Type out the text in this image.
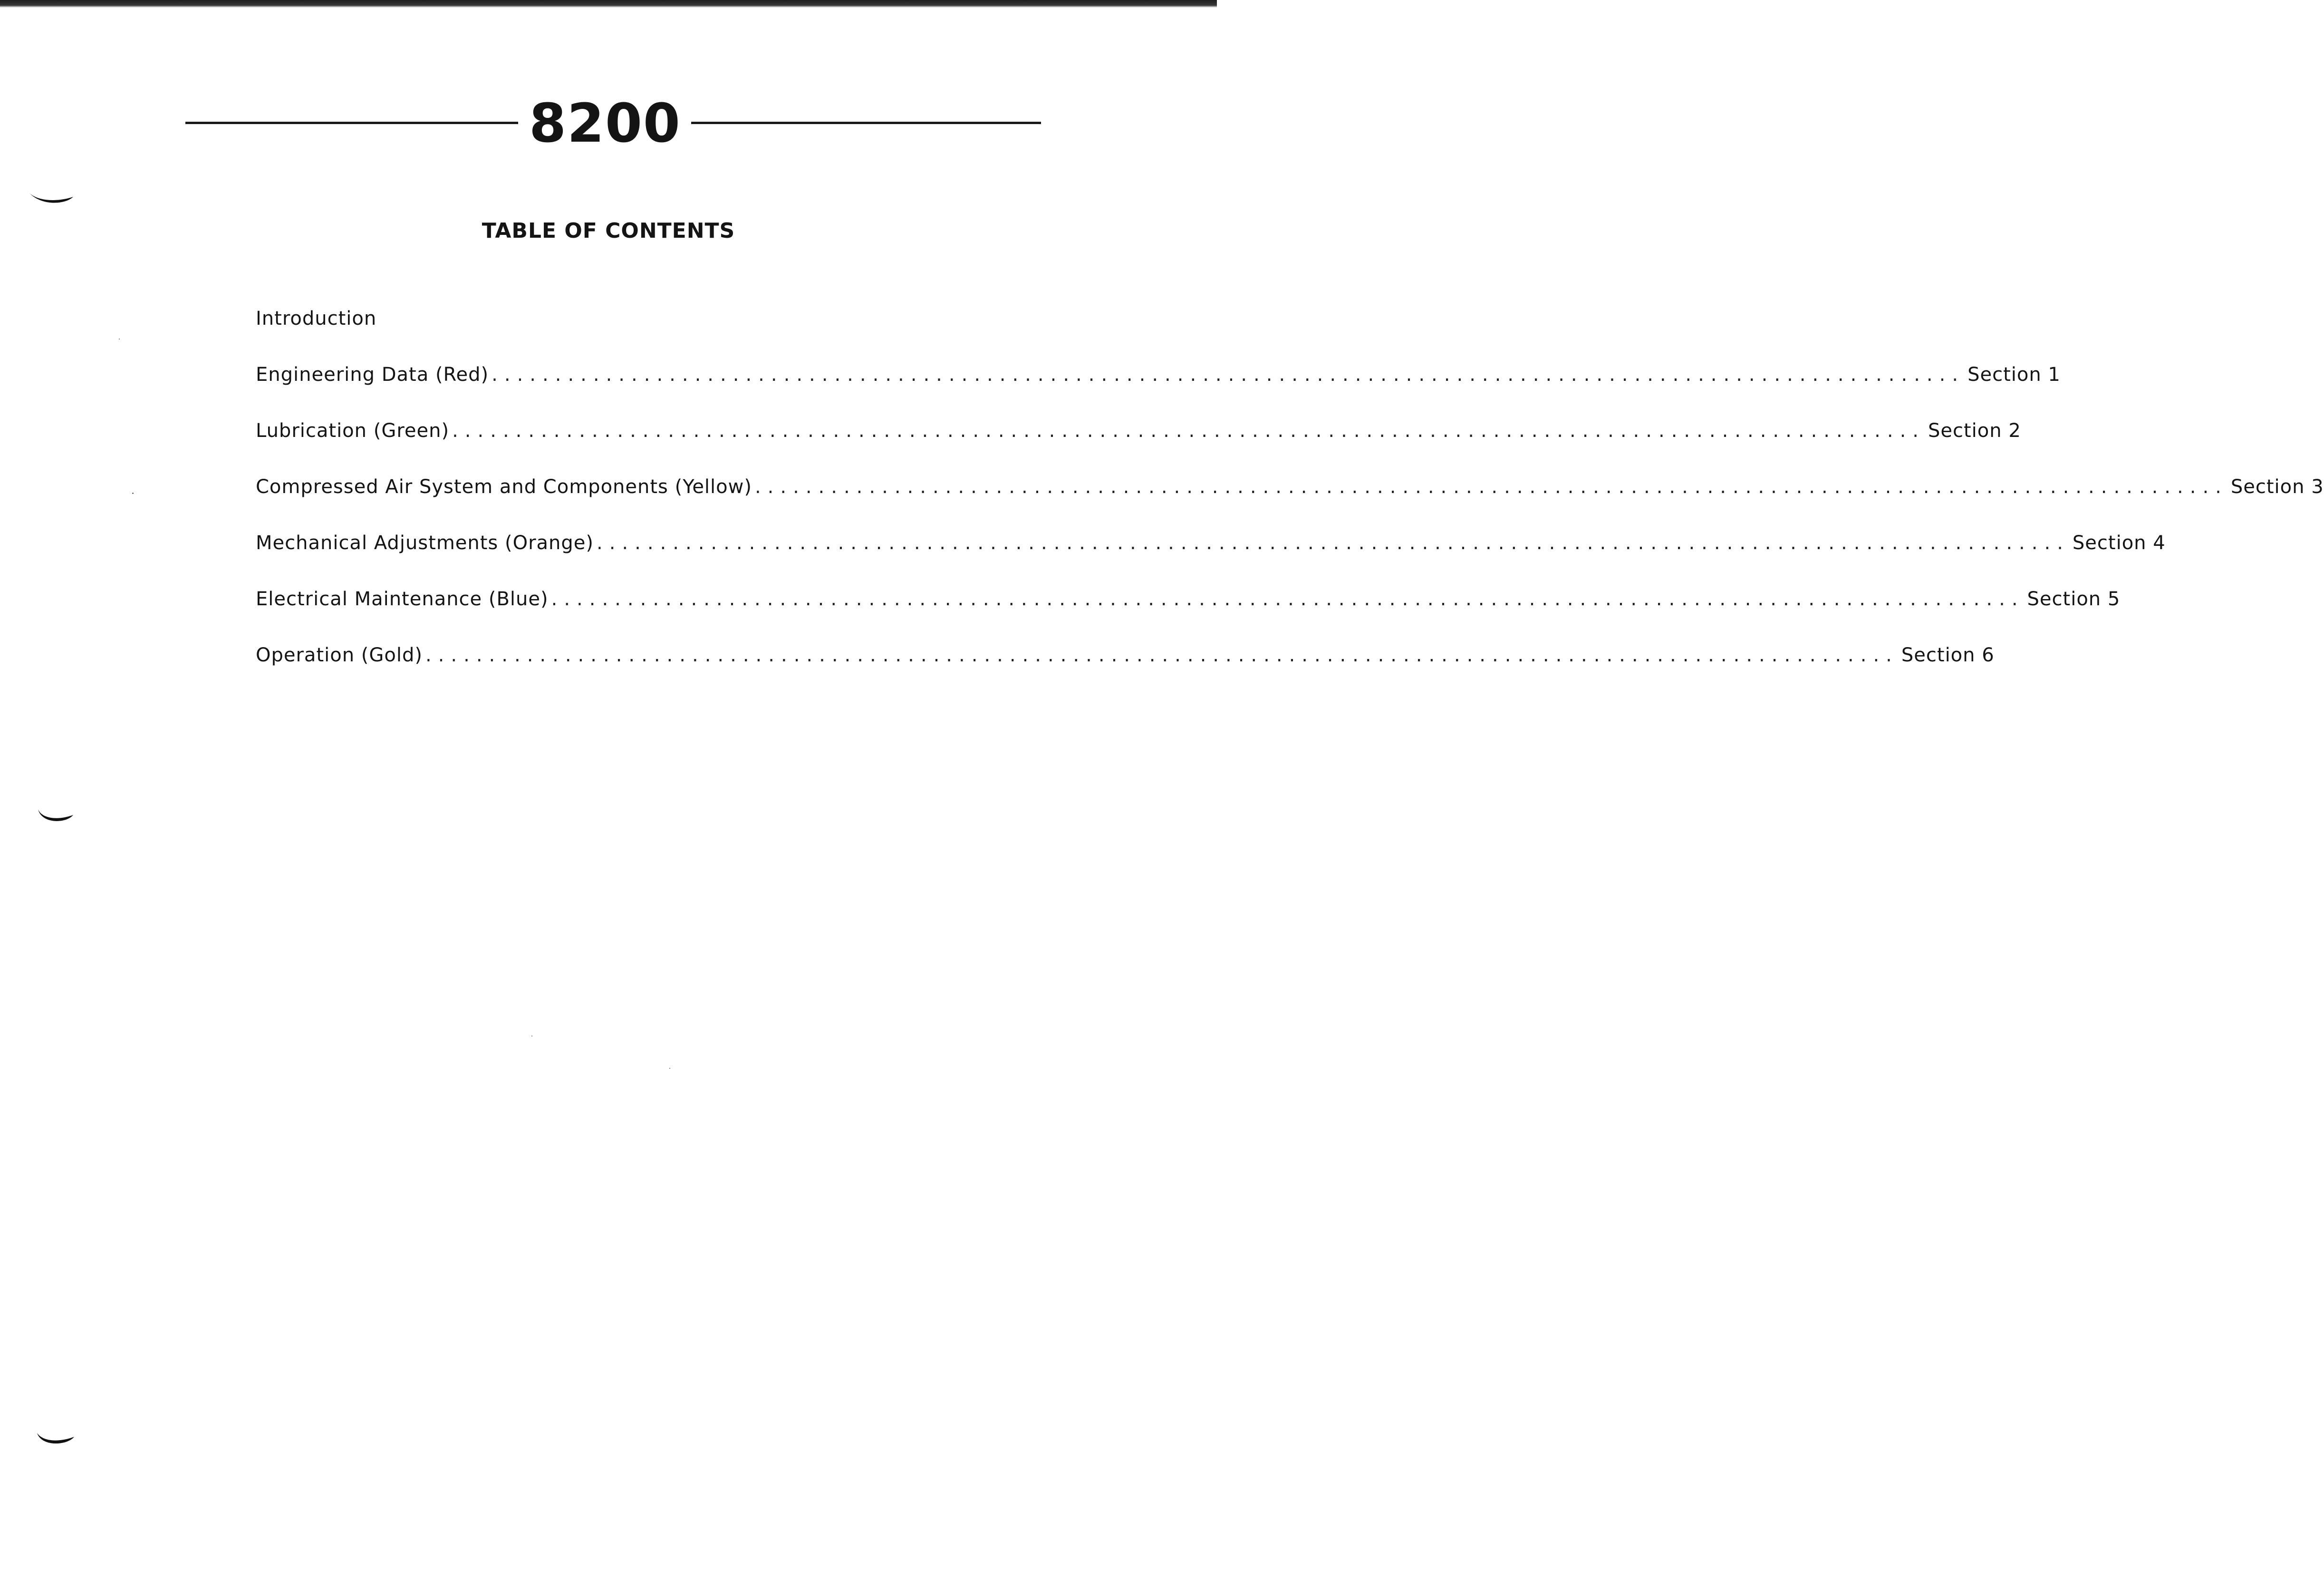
8200
TABLE OF CONTENTS
Introduction
Engineering Data (Red) .................................................................................................................... Section 1
Lubrication (Green) .................................................................................................................... Section 2
Compressed Air System and Components (Yellow) .................................................................................................................... Section 3
Mechanical Adjustments (Orange) .................................................................................................................... Section 4
Electrical Maintenance (Blue) .................................................................................................................... Section 5
Operation (Gold) .................................................................................................................... Section 6
